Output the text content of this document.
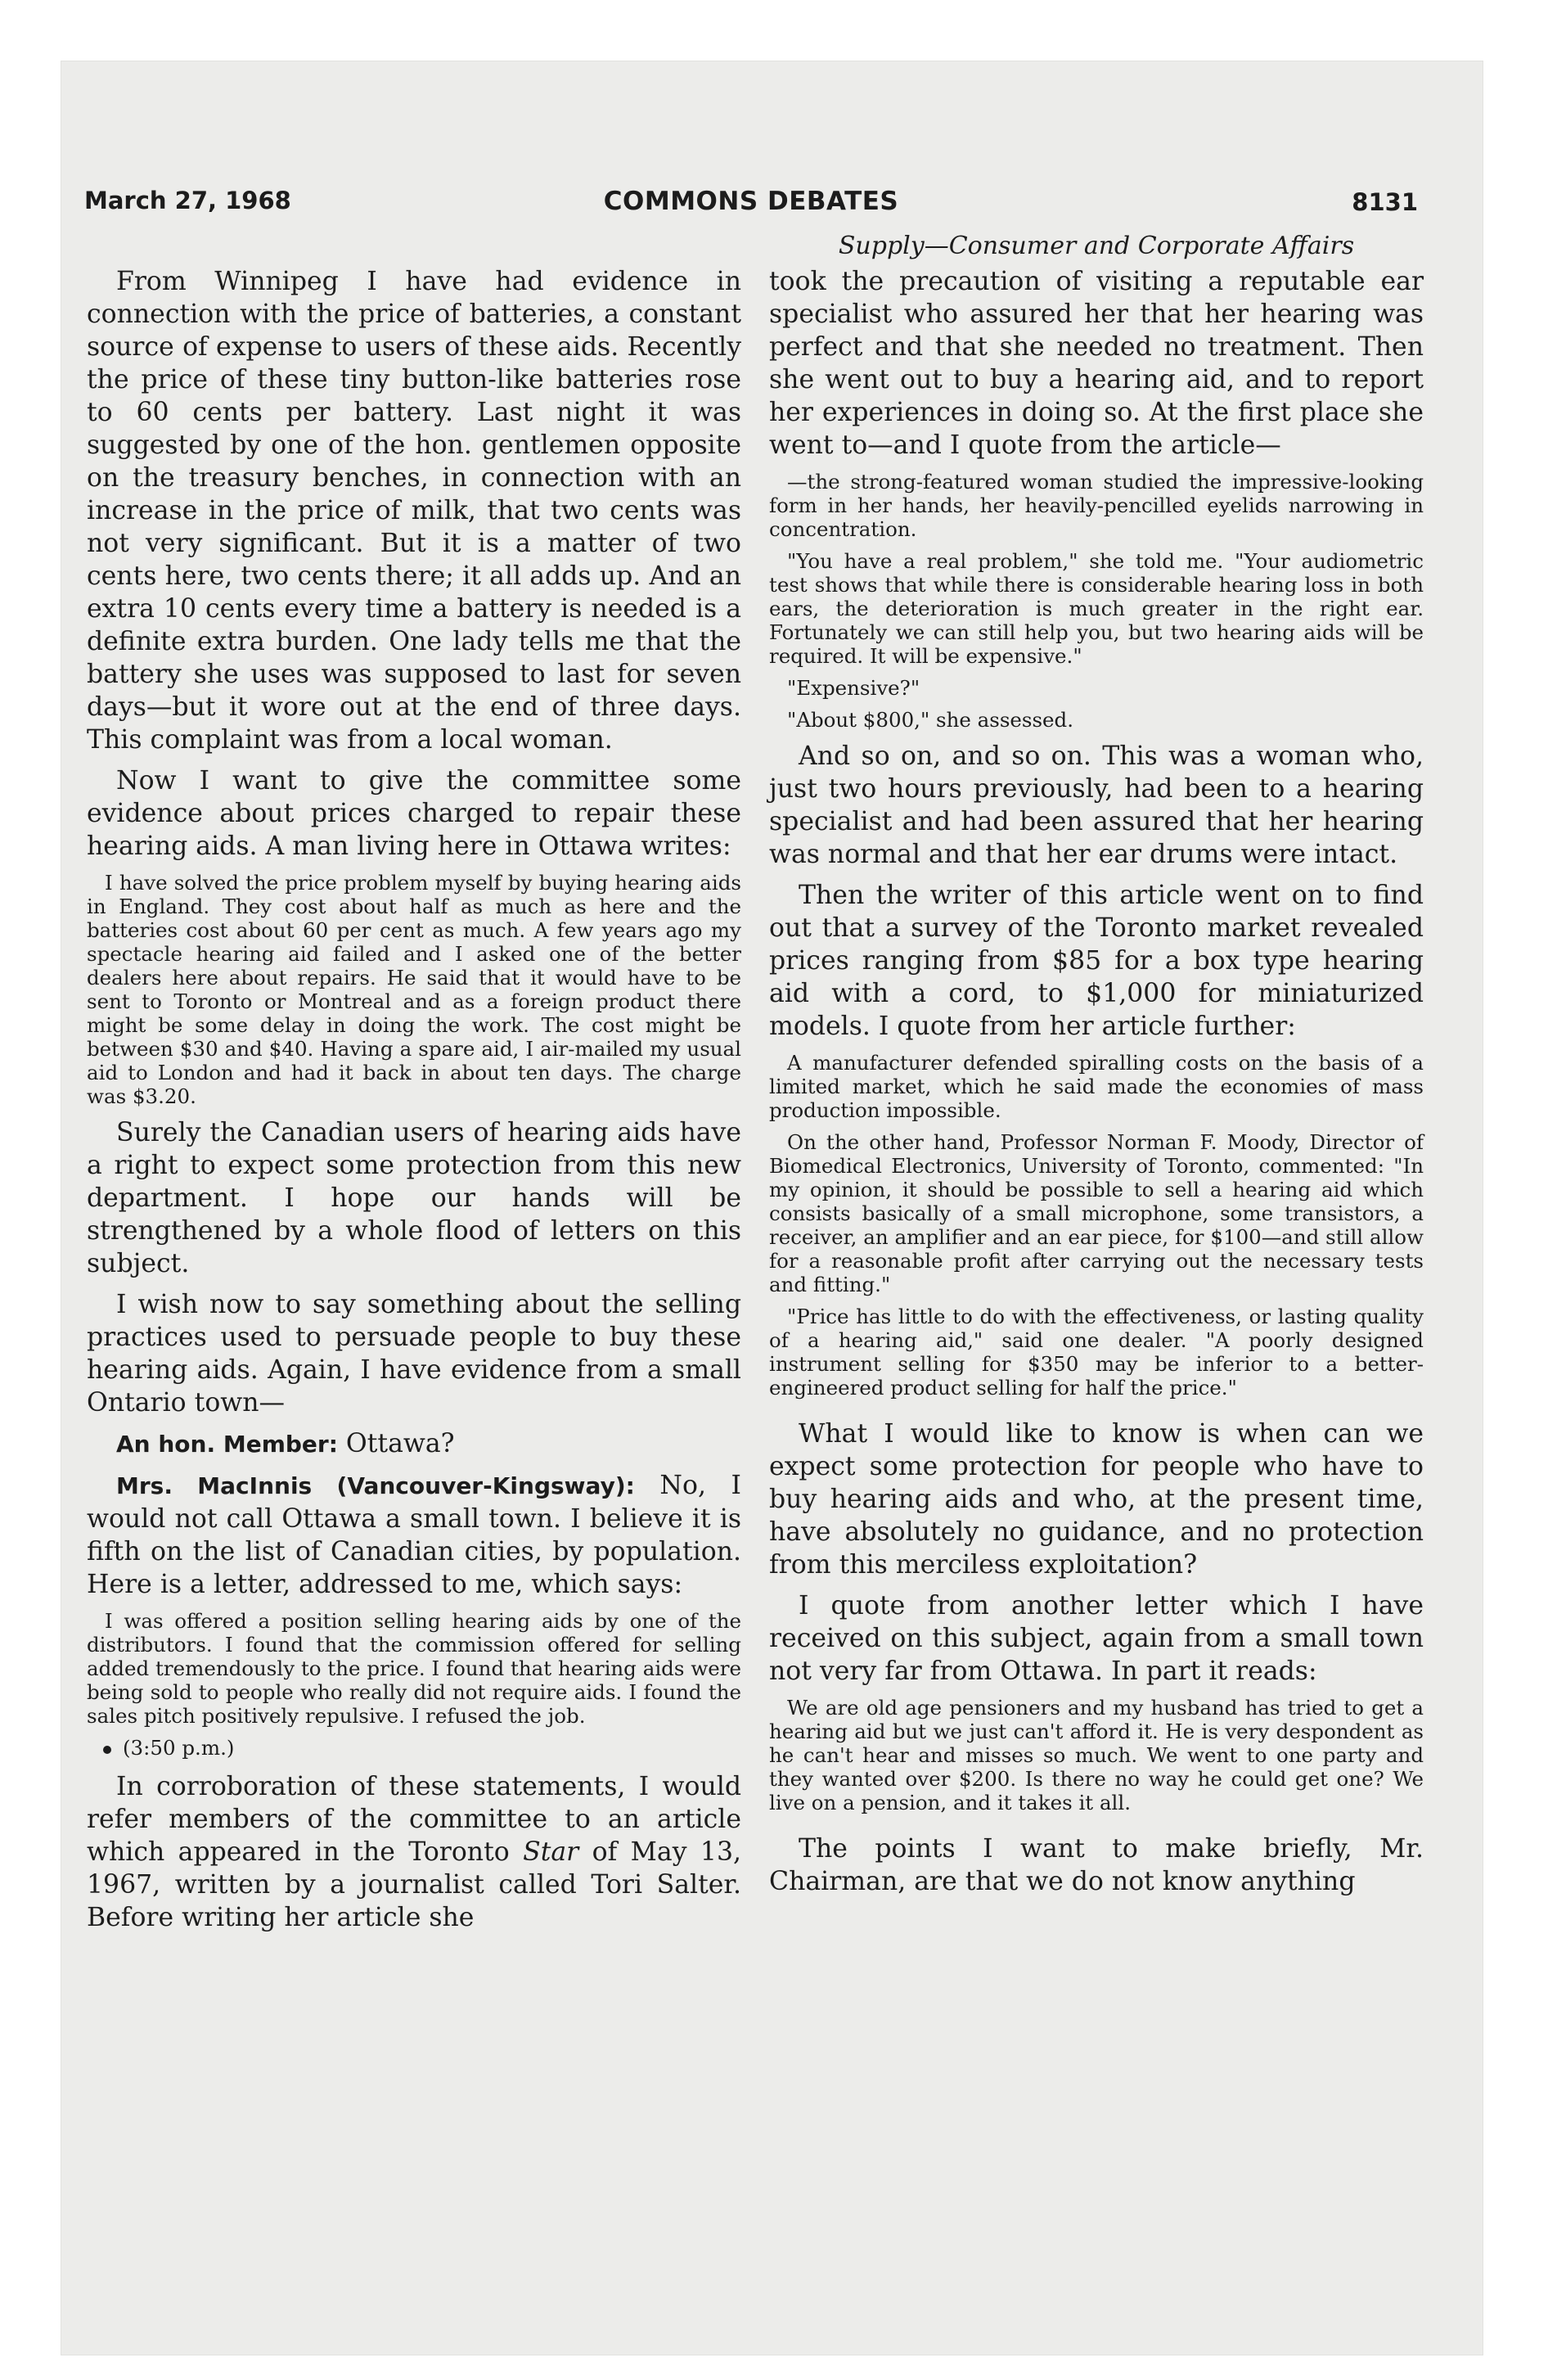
March 27, 1968	COMMONS DEBATES	8131

From Winnipeg I have had evidence in connection with the price of batteries, a constant source of expense to users of these aids. Recently the price of these tiny button-like batteries rose to 60 cents per battery. Last night it was suggested by one of the hon. gentlemen opposite on the treasury benches, in connection with an increase in the price of milk, that two cents was not very significant. But it is a matter of two cents here, two cents there; it all adds up. And an extra 10 cents every time a battery is needed is a definite extra burden. One lady tells me that the battery she uses was supposed to last for seven days—but it wore out at the end of three days. This complaint was from a local woman.

Now I want to give the committee some evidence about prices charged to repair these hearing aids. A man living here in Ottawa writes:

I have solved the price problem myself by buying hearing aids in England. They cost about half as much as here and the batteries cost about 60 per cent as much. A few years ago my spectacle hearing aid failed and I asked one of the better dealers here about repairs. He said that it would have to be sent to Toronto or Montreal and as a foreign product there might be some delay in doing the work. The cost might be between $30 and $40. Having a spare aid, I air-mailed my usual aid to London and had it back in about ten days. The charge was $3.20.

Surely the Canadian users of hearing aids have a right to expect some protection from this new department. I hope our hands will be strengthened by a whole flood of letters on this subject.

I wish now to say something about the selling practices used to persuade people to buy these hearing aids. Again, I have evidence from a small Ontario town—

An hon. Member: Ottawa?

Mrs. MacInnis (Vancouver-Kingsway): No, I would not call Ottawa a small town. I believe it is fifth on the list of Canadian cities, by population. Here is a letter, addressed to me, which says:

I was offered a position selling hearing aids by one of the distributors. I found that the commission offered for selling added tremendously to the price. I found that hearing aids were being sold to people who really did not require aids. I found the sales pitch positively repulsive. I refused the job.

(3:50 p.m.)

In corroboration of these statements, I would refer members of the committee to an article which appeared in the Toronto Star of May 13, 1967, written by a journalist called Tori Salter. Before writing her article she

Supply—Consumer and Corporate Affairs

took the precaution of visiting a reputable ear specialist who assured her that her hearing was perfect and that she needed no treatment. Then she went out to buy a hearing aid, and to report her experiences in doing so. At the first place she went to—and I quote from the article—

—the strong-featured woman studied the impressive-looking form in her hands, her heavily-pencilled eyelids narrowing in concentration.

"You have a real problem," she told me. "Your audiometric test shows that while there is considerable hearing loss in both ears, the deterioration is much greater in the right ear. Fortunately we can still help you, but two hearing aids will be required. It will be expensive."

"Expensive?"

"About $800," she assessed.

And so on, and so on. This was a woman who, just two hours previously, had been to a hearing specialist and had been assured that her hearing was normal and that her ear drums were intact.

Then the writer of this article went on to find out that a survey of the Toronto market revealed prices ranging from $85 for a box type hearing aid with a cord, to $1,000 for miniaturized models. I quote from her article further:

A manufacturer defended spiralling costs on the basis of a limited market, which he said made the economies of mass production impossible.

On the other hand, Professor Norman F. Moody, Director of Biomedical Electronics, University of Toronto, commented: "In my opinion, it should be possible to sell a hearing aid which consists basically of a small microphone, some transistors, a receiver, an amplifier and an ear piece, for $100—and still allow for a reasonable profit after carrying out the necessary tests and fitting."

"Price has little to do with the effectiveness, or lasting quality of a hearing aid," said one dealer. "A poorly designed instrument selling for $350 may be inferior to a better-engineered product selling for half the price."

What I would like to know is when can we expect some protection for people who have to buy hearing aids and who, at the present time, have absolutely no guidance, and no protection from this merciless exploitation?

I quote from another letter which I have received on this subject, again from a small town not very far from Ottawa. In part it reads:

We are old age pensioners and my husband has tried to get a hearing aid but we just can't afford it. He is very despondent as he can't hear and misses so much. We went to one party and they wanted over $200. Is there no way he could get one? We live on a pension, and it takes it all.

The points I want to make briefly, Mr. Chairman, are that we do not know anything
